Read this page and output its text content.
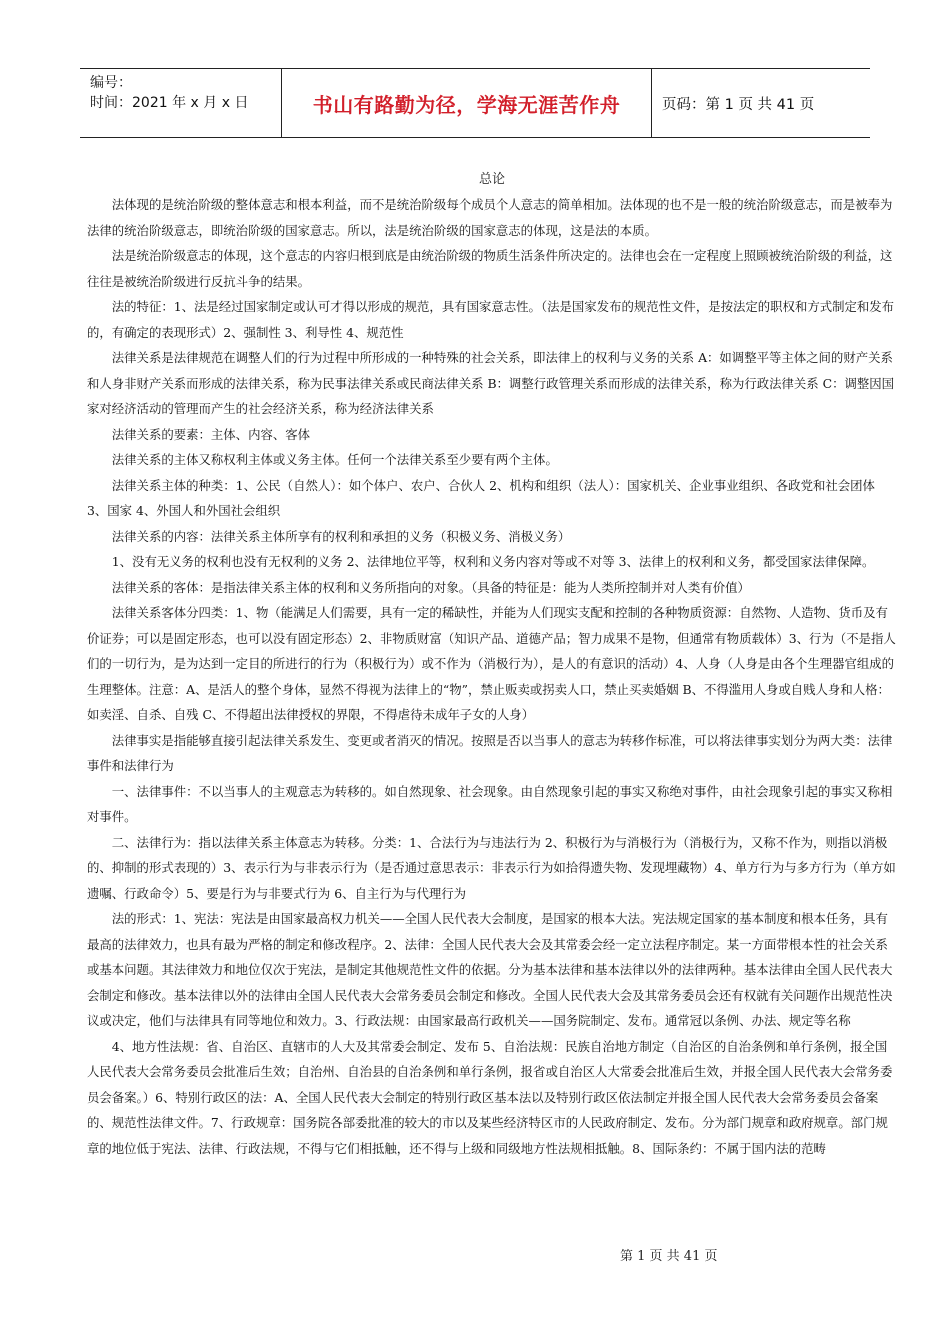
编号：
时间：2021 年 x 月 x 日	书山有路勤为径，学海无涯苦作舟	页码：第 1 页 共 41 页
总论

　　法体现的是统治阶级的整体意志和根本利益，而不是统治阶级每个成员个人意志的简单相加。法体现的也不是一般的统治阶级意志，而是被奉为法律的统治阶级意志，即统治阶级的国家意志。所以，法是统治阶级的国家意志的体现，这是法的本质。

　　法是统治阶级意志的体现，这个意志的内容归根到底是由统治阶级的物质生活条件所决定的。法律也会在一定程度上照顾被统治阶级的利益，这往往是被统治阶级进行反抗斗争的结果。

　　法的特征：1、法是经过国家制定或认可才得以形成的规范，具有国家意志性。（法是国家发布的规范性文件，是按法定的职权和方式制定和发布的，有确定的表现形式）2、强制性 3、利导性 4、规范性

　　法律关系是法律规范在调整人们的行为过程中所形成的一种特殊的社会关系，即法律上的权利与义务的关系 A：如调整平等主体之间的财产关系和人身非财产关系而形成的法律关系，称为民事法律关系或民商法律关系 B：调整行政管理关系而形成的法律关系，称为行政法律关系 C：调整因国家对经济活动的管理而产生的社会经济关系，称为经济法律关系

　　法律关系的要素：主体、内容、客体

　　法律关系的主体又称权利主体或义务主体。任何一个法律关系至少要有两个主体。

　　法律关系主体的种类：1、公民（自然人）：如个体户、农户、合伙人 2、机构和组织（法人）：国家机关、企业事业组织、各政党和社会团体 3、国家 4、外国人和外国社会组织

　　法律关系的内容：法律关系主体所享有的权利和承担的义务（积极义务、消极义务）

　　1、没有无义务的权利也没有无权利的义务 2、法律地位平等，权利和义务内容对等或不对等 3、法律上的权利和义务，都受国家法律保障。

　　法律关系的客体：是指法律关系主体的权利和义务所指向的对象。（具备的特征是：能为人类所控制并对人类有价值）

　　法律关系客体分四类：1、物（能满足人们需要，具有一定的稀缺性，并能为人们现实支配和控制的各种物质资源：自然物、人造物、货币及有价证券；可以是固定形态，也可以没有固定形态）2、非物质财富（知识产品、道德产品；智力成果不是物，但通常有物质载体）3、行为（不是指人们的一切行为，是为达到一定目的所进行的行为（积极行为）或不作为（消极行为），是人的有意识的活动）4、人身（人身是由各个生理器官组成的生理整体。注意：A、是活人的整个身体，显然不得视为法律上的“物”，禁止贩卖或拐卖人口，禁止买卖婚姻 B、不得滥用人身或自贱人身和人格：如卖淫、自杀、自残 C、不得超出法律授权的界限，不得虐待未成年子女的人身）

　　法律事实是指能够直接引起法律关系发生、变更或者消灭的情况。按照是否以当事人的意志为转移作标准，可以将法律事实划分为两大类：法律事件和法律行为

　　一、法律事件：不以当事人的主观意志为转移的。如自然现象、社会现象。由自然现象引起的事实又称绝对事件，由社会现象引起的事实又称相对事件。

　　二、法律行为：指以法律关系主体意志为转移。分类：1、合法行为与违法行为 2、积极行为与消极行为（消极行为，又称不作为，则指以消极的、抑制的形式表现的）3、表示行为与非表示行为（是否通过意思表示：非表示行为如拾得遗失物、发现埋藏物）4、单方行为与多方行为（单方如遗嘱、行政命令）5、要是行为与非要式行为 6、自主行为与代理行为

　　法的形式：1、宪法：宪法是由国家最高权力机关——全国人民代表大会制度，是国家的根本大法。宪法规定国家的基本制度和根本任务，具有最高的法律效力，也具有最为严格的制定和修改程序。2、法律：全国人民代表大会及其常委会经一定立法程序制定。某一方面带根本性的社会关系或基本问题。其法律效力和地位仅次于宪法，是制定其他规范性文件的依据。分为基本法律和基本法律以外的法律两种。基本法律由全国人民代表大会制定和修改。基本法律以外的法律由全国人民代表大会常务委员会制定和修改。全国人民代表大会及其常务委员会还有权就有关问题作出规范性决议或决定，他们与法律具有同等地位和效力。3、行政法规：由国家最高行政机关——国务院制定、发布。通常冠以条例、办法、规定等名称

　　4、地方性法规：省、自治区、直辖市的人大及其常委会制定、发布 5、自治法规：民族自治地方制定（自治区的自治条例和单行条例，报全国人民代表大会常务委员会批准后生效；自治州、自治县的自治条例和单行条例，报省或自治区人大常委会批准后生效，并报全国人民代表大会常务委员会备案。）6、特别行政区的法：A、全国人民代表大会制定的特别行政区基本法以及特别行政区依法制定并报全国人民代表大会常务委员会备案的、规范性法律文件。7、行政规章：国务院各部委批准的较大的市以及某些经济特区市的人民政府制定、发布。分为部门规章和政府规章。部门规章的地位低于宪法、法律、行政法规，不得与它们相抵触，还不得与上级和同级地方性法规相抵触。8、国际条约：不属于国内法的范畴

第 1 页 共 41 页
